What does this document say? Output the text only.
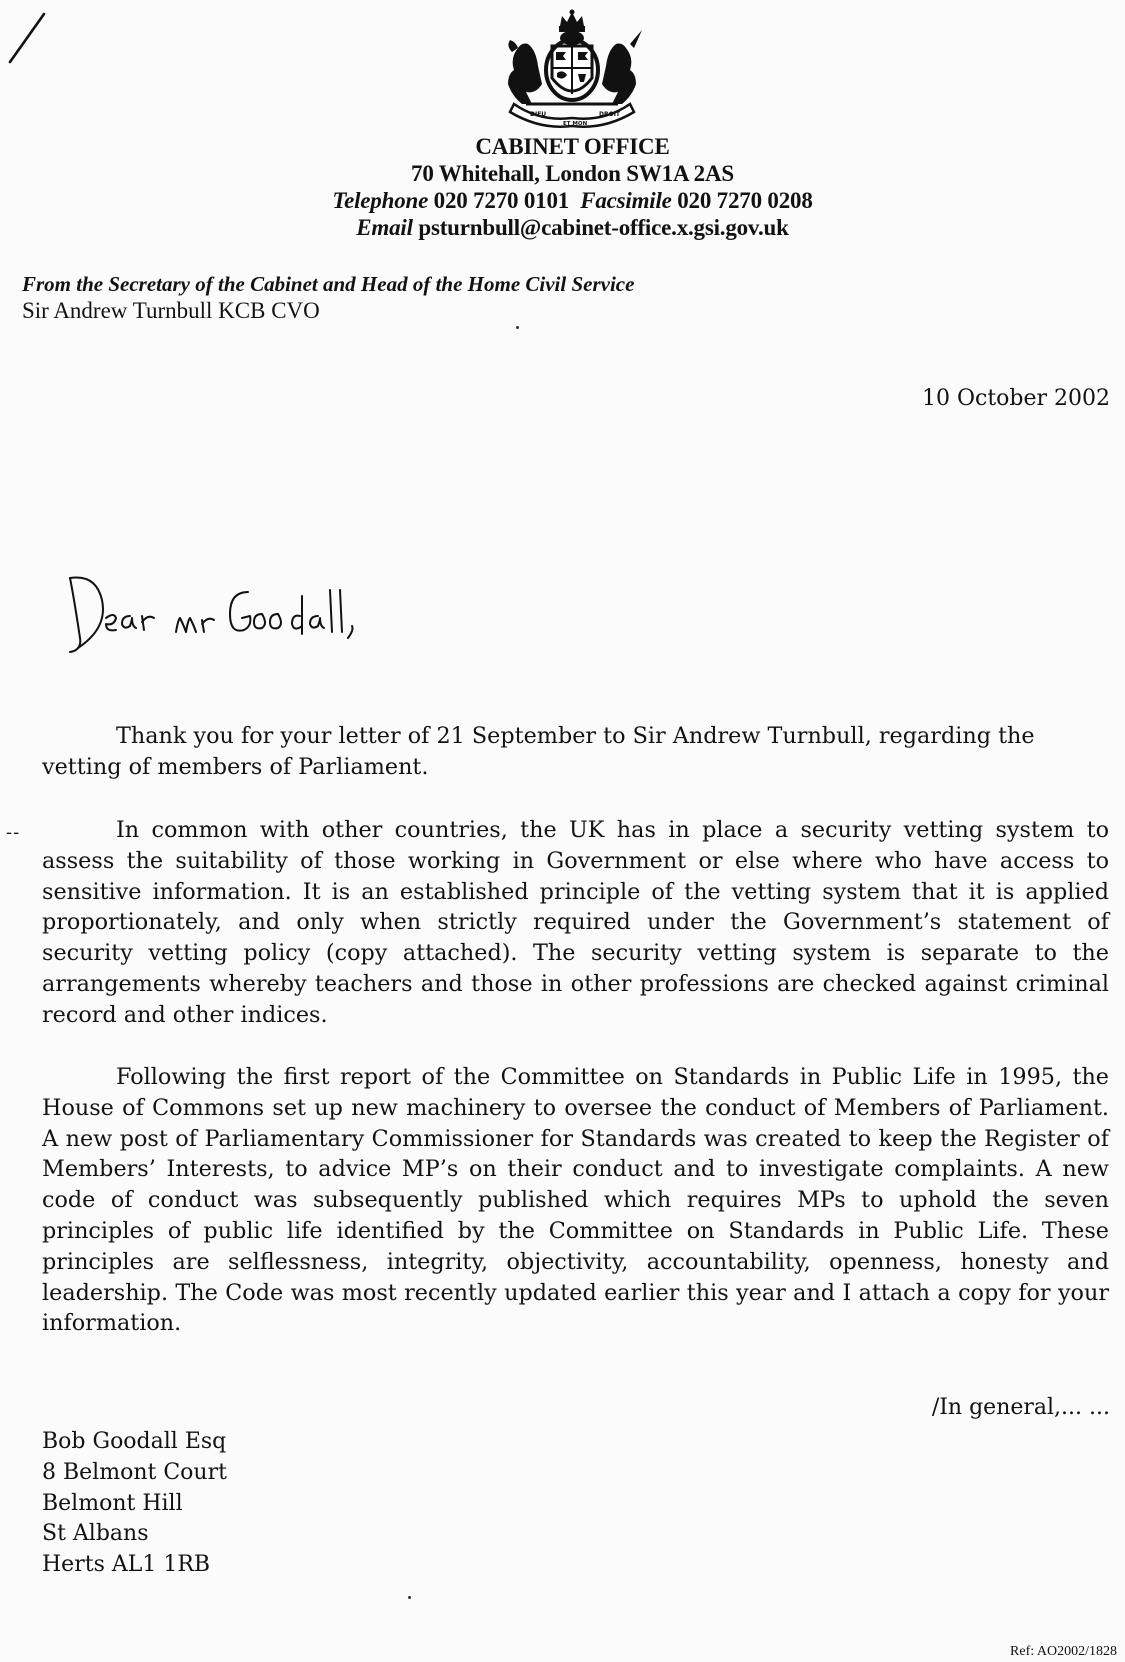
DIEU
ET MON
DROIT
CABINET OFFICE
70 Whitehall, London SW1A 2AS
Telephone 020 7270 0101 Facsimile 020 7270 0208
Email psturnbull@cabinet-office.x.gsi.gov.uk
From the Secretary of the Cabinet and Head of the Home Civil Service
Sir Andrew Turnbull KCB CVO
10 October 2002
--
Thank you for your letter of 21 September to Sir Andrew Turnbull, regarding the vetting of members of Parliament.
In common with other countries, the UK has in place a security vetting system to assess the suitability of those working in Government or else where who have access to sensitive information. It is an established principle of the vetting system that it is applied proportionately, and only when strictly required under the Government’s statement of security vetting policy (copy attached). The security vetting system is separate to the arrangements whereby teachers and those in other professions are checked against criminal record and other indices.
Following the first report of the Committee on Standards in Public Life in 1995, the House of Commons set up new machinery to oversee the conduct of Members of Parliament. A new post of Parliamentary Commissioner for Standards was created to keep the Register of Members’ Interests, to advice MP’s on their conduct and to investigate complaints. A new code of conduct was subsequently published which requires MPs to uphold the seven principles of public life identified by the Committee on Standards in Public Life. These principles are selflessness, integrity, objectivity, accountability, openness, honesty and leadership. The Code was most recently updated earlier this year and I attach a copy for your information.
/In general,... ...
Bob Goodall Esq
8 Belmont Court
Belmont Hill
St Albans
Herts AL1 1RB
Ref: AO2002/1828
